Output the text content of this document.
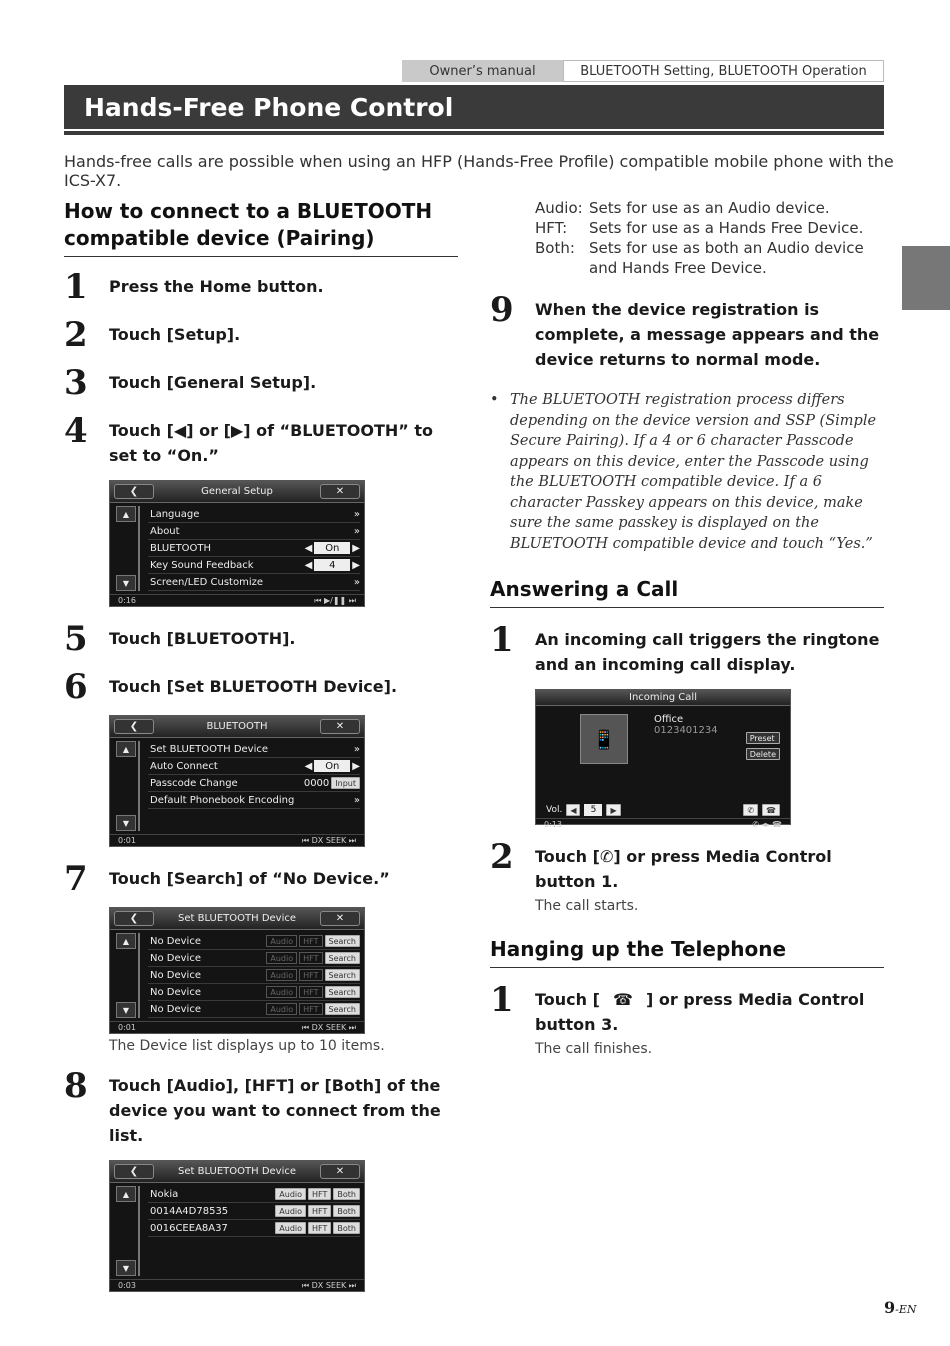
Owner’s manual	BLUETOOTH Setting, BLUETOOTH Operation
Hands-Free Phone Control
Hands-free calls are possible when using an HFP (Hands-Free Profile) compatible mobile phone with the ICS-X7.
How to connect to a BLUETOOTH compatible device (Pairing)
1	Press the Home button.
2	Touch [Setup].
3	Touch [General Setup].
4	Touch [◀] or [▶] of “BLUETOOTH” to set to “On.”
❮	General Setup	✕
▲
▼
Language	»
About	»
BLUETOOTH	◀	On	▶
Key Sound Feedback	◀	4	▶
Screen/LED Customize	»
0:16	⏮ ▶/❚❚ ⏭
5	Touch [BLUETOOTH].
6	Touch [Set BLUETOOTH Device].
❮	BLUETOOTH	✕
▲
▼
Set BLUETOOTH Device	»
Auto Connect	◀	On	▶
Passcode Change	0000 Input
Default Phonebook Encoding	»
0:01	⏮ DX SEEK ⏭
7	Touch [Search] of “No Device.”
❮	Set BLUETOOTH Device	✕
▲
▼
No Device	Audio	HFT	Search
No Device	Audio	HFT	Search
No Device	Audio	HFT	Search
No Device	Audio	HFT	Search
No Device	Audio	HFT	Search
0:01	⏮ DX SEEK ⏭
The Device list displays up to 10 items.
8	Touch [Audio], [HFT] or [Both] of the device you want to connect from the list.
❮	Set BLUETOOTH Device	✕
▲
▼
Nokia	Audio	HFT	Both
0014A4D78535	Audio	HFT	Both
0016CEEA8A37	Audio	HFT	Both
0:03	⏮ DX SEEK ⏭
Audio: Sets for use as an Audio device.
HFT:	Sets for use as a Hands Free Device.
Both: Sets for use as both an Audio device and Hands Free Device.
9	When the device registration is complete, a message appears and the device returns to normal mode.
• The BLUETOOTH registration process differs depending on the device version and SSP (Simple Secure Pairing). If a 4 or 6 character Passcode appears on this device, enter the Passcode using the BLUETOOTH compatible device. If a 6 character Passkey appears on this device, make sure the same passkey is displayed on the BLUETOOTH compatible device and touch “Yes.”
Answering a Call
1	An incoming call triggers the ringtone and an incoming call display.
Incoming Call
📱
Office
0123401234
Preset
Delete
Vol.	◀	5	▶	✆	☎
0:13	✆ ◂▸ ☎
2	Touch [✆] or press Media Control button 1.
The call starts.
Hanging up the Telephone
1	Touch [ ☎ ] or press Media Control button 3.
The call finishes.
9-EN
